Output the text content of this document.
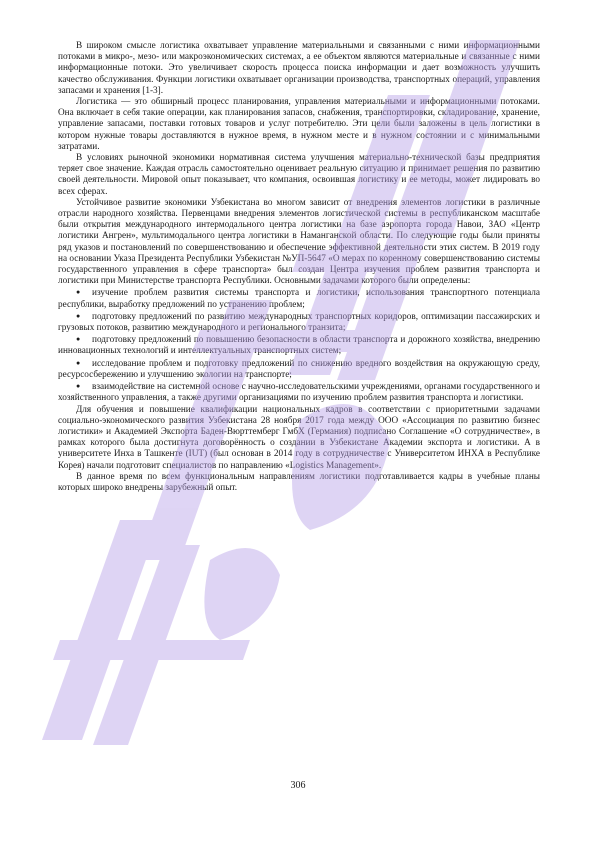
В широком смысле логистика охватывает управление материальными и связанными с ними информационными потоками в микро-, мезо- или макроэкономических системах, а ее объектом являются материальные и связанные с ними информационные потоки. Это увеличивает скорость процесса поиска информации и дает возможность улучшить качество обслуживания. Функции логистики охватывает организации производства, транспортных операций, управления запасами и хранения [1-3].

Логистика — это обширный процесс планирования, управления материальными и информационными потоками. Она включает в себя такие операции, как планирования запасов, снабжения, транспортировки, складирование, хранение, управление запасами, поставки готовых товаров и услуг потребителю. Эти цели были заложены в цель логистики в котором нужные товары доставляются в нужное время, в нужном месте и в нужном состоянии и с минимальными затратами.

В условиях рыночной экономики нормативная система улучшения материально-технической базы предприятия теряет свое значение. Каждая отрасль самостоятельно оценивает реальную ситуацию и принимает решения по развитию своей деятельности. Мировой опыт показывает, что компания, освоившая логистику и ее методы, может лидировать во всех сферах.

Устойчивое развитие экономики Узбекистана во многом зависит от внедрения элементов логистики в различные отрасли народного хозяйства. Первенцами внедрения элементов логистической системы в республиканском масштабе были открытия международного интермодального центра логистики на базе аэропорта города Навои, ЗАО «Центр логистики Ангрен», мультимодального центра логистики в Наманганской области. По следующие годы были приняты ряд указов и постановлений по совершенствованию и обеспечение эффективной деятельности этих систем. В 2019 году на основании Указа Президента Республики Узбекистан №УП-5647 «О мерах по коренному совершенствованию системы государственного управления в сфере транспорта» был создан Центра изучения проблем развития транспорта и логистики при Министерстве транспорта Республики. Основными задачами которого были определены:

● изучение проблем развития системы транспорта и логистики, использования транспортного потенциала республики, выработку предложений по устранению проблем;
● подготовку предложений по развитию международных транспортных коридоров, оптимизации пассажирских и грузовых потоков, развитию международного и регионального транзита;
● подготовку предложений по повышению безопасности в области транспорта и дорожного хозяйства, внедрению инновационных технологий и интеллектуальных транспортных систем;
● исследование проблем и подготовку предложений по снижению вредного воздействия на окружающую среду, ресурсосбережению и улучшению экологии на транспорте;
● взаимодействие на системной основе с научно-исследовательскими учреждениями, органами государственного и хозяйственного управления, а также другими организациями по изучению проблем развития транспорта и логистики.

Для обучения и повышение квалификации национальных кадров в соответствии с приоритетными задачами социально-экономического развития Узбекистана 28 ноября 2017 года между ООО «Ассоциация по развитию бизнес логистики» и Академией Экспорта Баден-Вюрттемберг ГмбХ (Германия) подписано Соглашение «О сотрудничестве», в рамках которого была достигнута договорённость о создании в Узбекистане Академии экспорта и логистики. А в университете Инха в Ташкенте (IUT) (был основан в 2014 году в сотрудничестве с Университетом ИНХА в Республике Корея) начали подготовит специалистов по направлению «Logistics Management».

В данное время по всем функциональным направлениям логистики подготавливается кадры в учебные планы которых широко внедрены зарубежный опыт.

306
